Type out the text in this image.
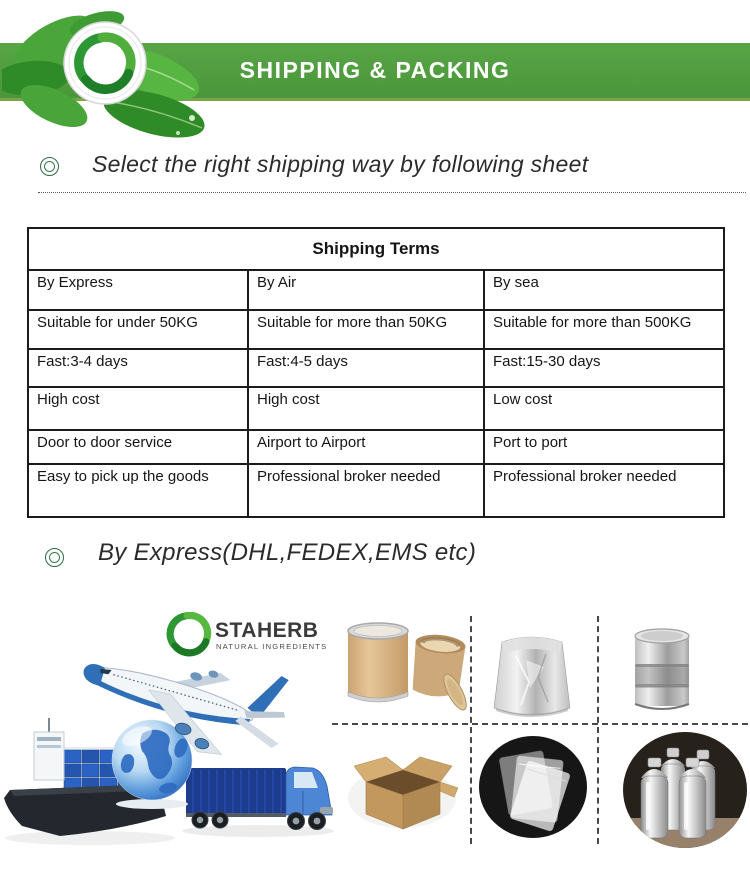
SHIPPING & PACKING
Select the right shipping way by following sheet
Shipping Terms		
By Express	By Air	By sea
Suitable for under 50KG	Suitable for more than 50KG	Suitable for more than 500KG
Fast:3-4 days	Fast:4-5 days	Fast:15-30 days
High cost	High cost	Low cost
Door to door service	Airport to Airport	Port to port
Easy to pick up the goods	Professional broker needed	Professional broker needed
By Express(DHL,FEDEX,EMS etc)
STAHERB
NATURAL INGREDIENTS
